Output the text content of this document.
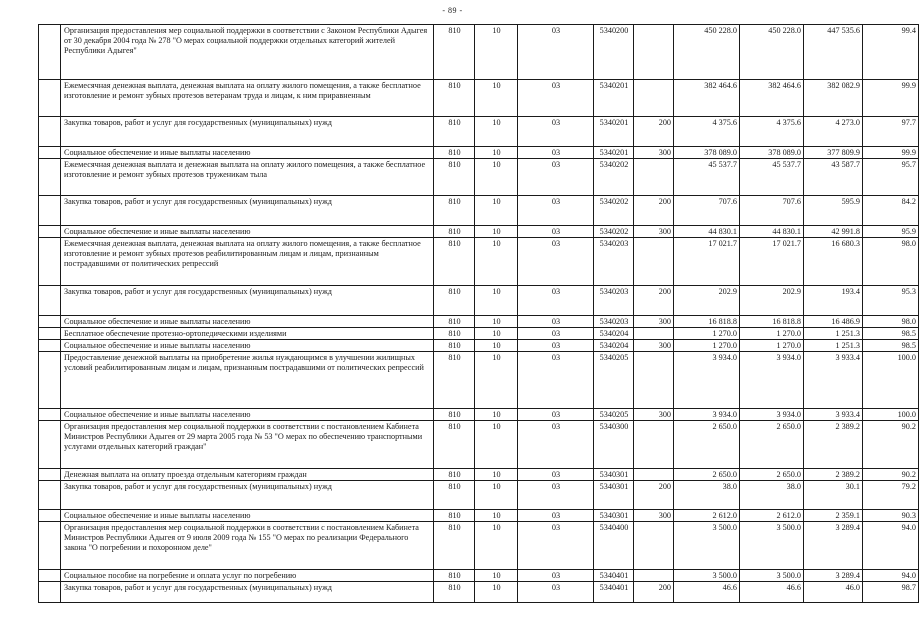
- 89 -
	Организация предоставления мер социальной поддержки в соответствии с Законом Республики Адыгея от 30 декабря 2004 года № 278 "О мерах социальной поддержки отдельных категорий жителей Республики Адыгея"	810	10	03	5340200		450 228.0	450 228.0	447 535.6	99.4
	Ежемесячная денежная выплата, денежная выплата на оплату жилого помещения, а также бесплатное изготовление и ремонт зубных протезов ветеранам труда и лицам, к ним приравненным	810	10	03	5340201		382 464.6	382 464.6	382 082.9	99.9
	Закупка товаров, работ и услуг для государственных (муниципальных) нужд	810	10	03	5340201	200	4 375.6	4 375.6	4 273.0	97.7
	Социальное обеспечение и иные выплаты населению	810	10	03	5340201	300	378 089.0	378 089.0	377 809.9	99.9
	Ежемесячная денежная выплата и денежная выплата на оплату жилого помещения, а также бесплатное изготовление и ремонт зубных протезов труженикам тыла	810	10	03	5340202		45 537.7	45 537.7	43 587.7	95.7
	Закупка товаров, работ и услуг для государственных (муниципальных) нужд	810	10	03	5340202	200	707.6	707.6	595.9	84.2
	Социальное обеспечение и иные выплаты населению	810	10	03	5340202	300	44 830.1	44 830.1	42 991.8	95.9
	Ежемесячная денежная выплата, денежная выплата на оплату жилого помещения, а также бесплатное изготовление и ремонт зубных протезов реабилитированным лицам и лицам, признанным пострадавшими от политических репрессий	810	10	03	5340203		17 021.7	17 021.7	16 680.3	98.0
	Закупка товаров, работ и услуг для государственных (муниципальных) нужд	810	10	03	5340203	200	202.9	202.9	193.4	95.3
	Социальное обеспечение и иные выплаты населению	810	10	03	5340203	300	16 818.8	16 818.8	16 486.9	98.0
	Бесплатное обеспечение протезно-ортопедическими изделиями	810	10	03	5340204		1 270.0	1 270.0	1 251.3	98.5
	Социальное обеспечение и иные выплаты населению	810	10	03	5340204	300	1 270.0	1 270.0	1 251.3	98.5
	Предоставление денежной выплаты на приобретение жилья нуждающимся в улучшении жилищных условий реабилитированным лицам и лицам, признанным пострадавшими от политических репрессий	810	10	03	5340205		3 934.0	3 934.0	3 933.4	100.0
	Социальное обеспечение и иные выплаты населению	810	10	03	5340205	300	3 934.0	3 934.0	3 933.4	100.0
	Организация предоставления мер социальной поддержки в соответствии с постановлением Кабинета Министров Республики Адыгея от 29 марта 2005 года № 53 "О мерах по обеспечению транспортными услугами отдельных категорий граждан"	810	10	03	5340300		2 650.0	2 650.0	2 389.2	90.2
	Денежная выплата на оплату проезда отдельным категориям граждан	810	10	03	5340301		2 650.0	2 650.0	2 389.2	90.2
	Закупка товаров, работ и услуг для государственных (муниципальных) нужд	810	10	03	5340301	200	38.0	38.0	30.1	79.2
	Социальное обеспечение и иные выплаты населению	810	10	03	5340301	300	2 612.0	2 612.0	2 359.1	90.3
	Организация предоставления мер социальной поддержки в соответствии с постановлением Кабинета Министров Республики Адыгея от 9 июля 2009 года № 155 "О мерах по реализации Федерального закона "О погребении и похоронном деле"	810	10	03	5340400		3 500.0	3 500.0	3 289.4	94.0
	Социальное пособие на погребение и оплата услуг по погребению	810	10	03	5340401		3 500.0	3 500.0	3 289.4	94.0
	Закупка товаров, работ и услуг для государственных (муниципальных) нужд	810	10	03	5340401	200	46.6	46.6	46.0	98.7
